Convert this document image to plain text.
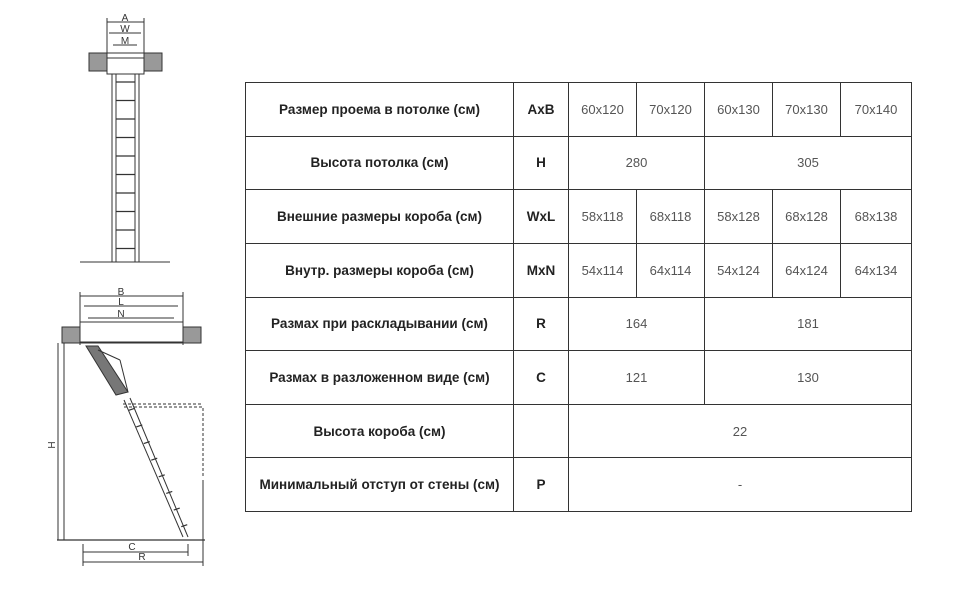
A
W
M
B
L
N
H
C
R
Размер проема в потолке (см)	AxB	60x120	70x120	60x130	70x130	70x140
Высота потолка (см)	H	280		305		
Внешние размеры короба (см)	WxL	58x118	68x118	58x128	68x128	68x138
Внутр. размеры короба (см)	MxN	54x114	64x114	54x124	64x124	64x134
Размах при раскладывании (см)	R	164		181		
Размах в разложенном виде (см)	C	121		130		
Высота короба (см)		22				
Минимальный отступ от стены (см)	P	-				
